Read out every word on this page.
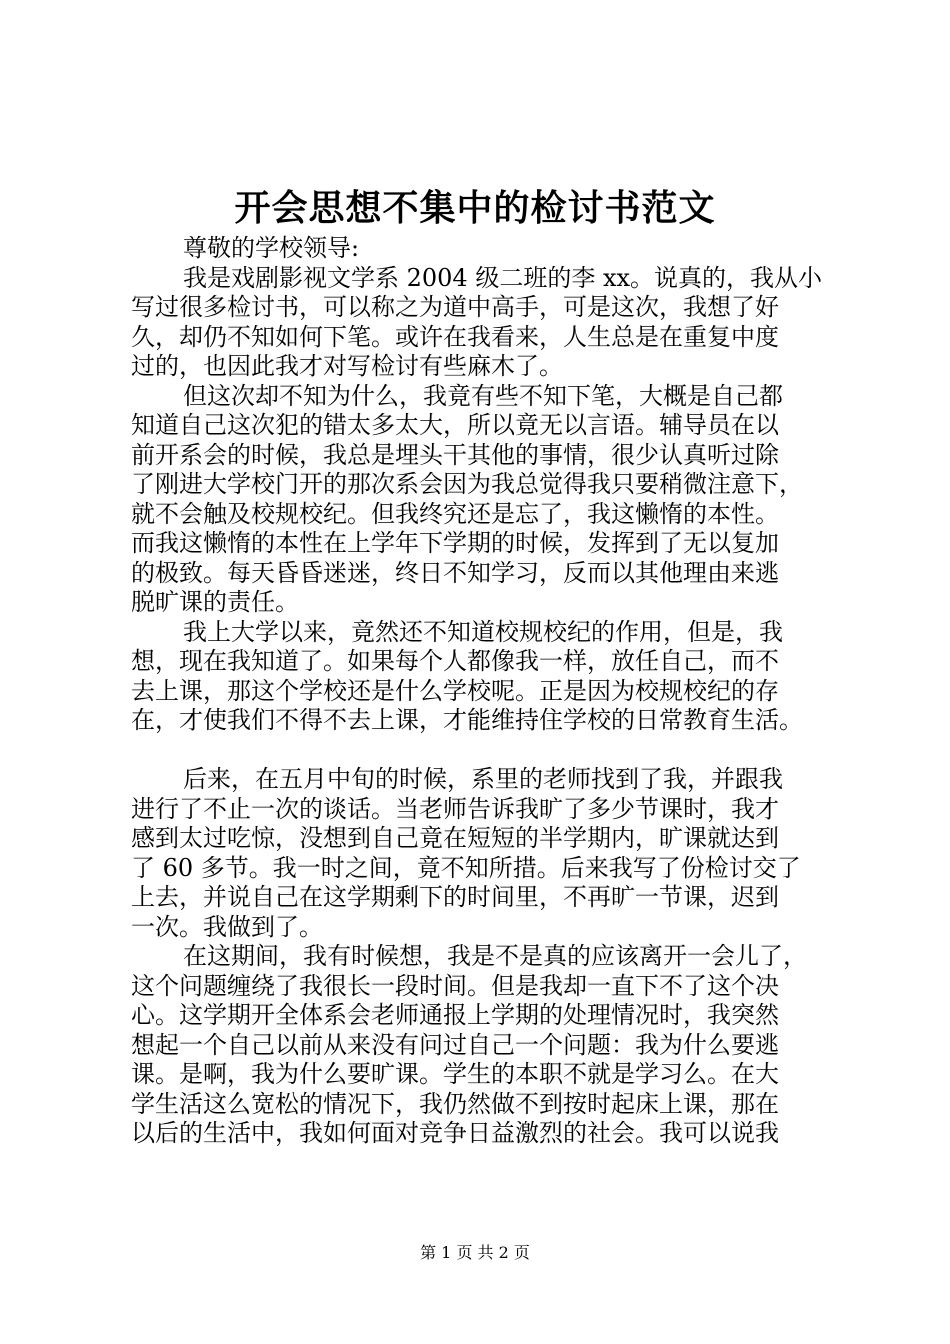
开会思想不集中的检讨书范文
尊敬的学校领导:
我是戏剧影视文学系 2004 级二班的李 xx。说真的，我从小
写过很多检讨书，可以称之为道中高手，可是这次，我想了好
久，却仍不知如何下笔。或许在我看来，人生总是在重复中度
过的，也因此我才对写检讨有些麻木了。
但这次却不知为什么，我竟有些不知下笔，大概是自己都
知道自己这次犯的错太多太大，所以竟无以言语。辅导员在以
前开系会的时候，我总是埋头干其他的事情，很少认真听过除
了刚进大学校门开的那次系会因为我总觉得我只要稍微注意下，
就不会触及校规校纪。但我终究还是忘了，我这懒惰的本性。
而我这懒惰的本性在上学年下学期的时候，发挥到了无以复加
的极致。每天昏昏迷迷，终日不知学习，反而以其他理由来逃
脱旷课的责任。
我上大学以来，竟然还不知道校规校纪的作用，但是，我
想，现在我知道了。如果每个人都像我一样，放任自己，而不
去上课，那这个学校还是什么学校呢。正是因为校规校纪的存
在，才使我们不得不去上课，才能维持住学校的日常教育生活。
后来，在五月中旬的时候，系里的老师找到了我，并跟我
进行了不止一次的谈话。当老师告诉我旷了多少节课时，我才
感到太过吃惊，没想到自己竟在短短的半学期内，旷课就达到
了 60 多节。我一时之间，竟不知所措。后来我写了份检讨交了
上去，并说自己在这学期剩下的时间里，不再旷一节课，迟到
一次。我做到了。
在这期间，我有时候想，我是不是真的应该离开一会儿了，
这个问题缠绕了我很长一段时间。但是我却一直下不了这个决
心。这学期开全体系会老师通报上学期的处理情况时，我突然
想起一个自己以前从来没有问过自己一个问题：我为什么要逃
课。是啊，我为什么要旷课。学生的本职不就是学习么。在大
学生活这么宽松的情况下，我仍然做不到按时起床上课，那在
以后的生活中，我如何面对竞争日益激烈的社会。我可以说我
第 1 页 共 2 页
